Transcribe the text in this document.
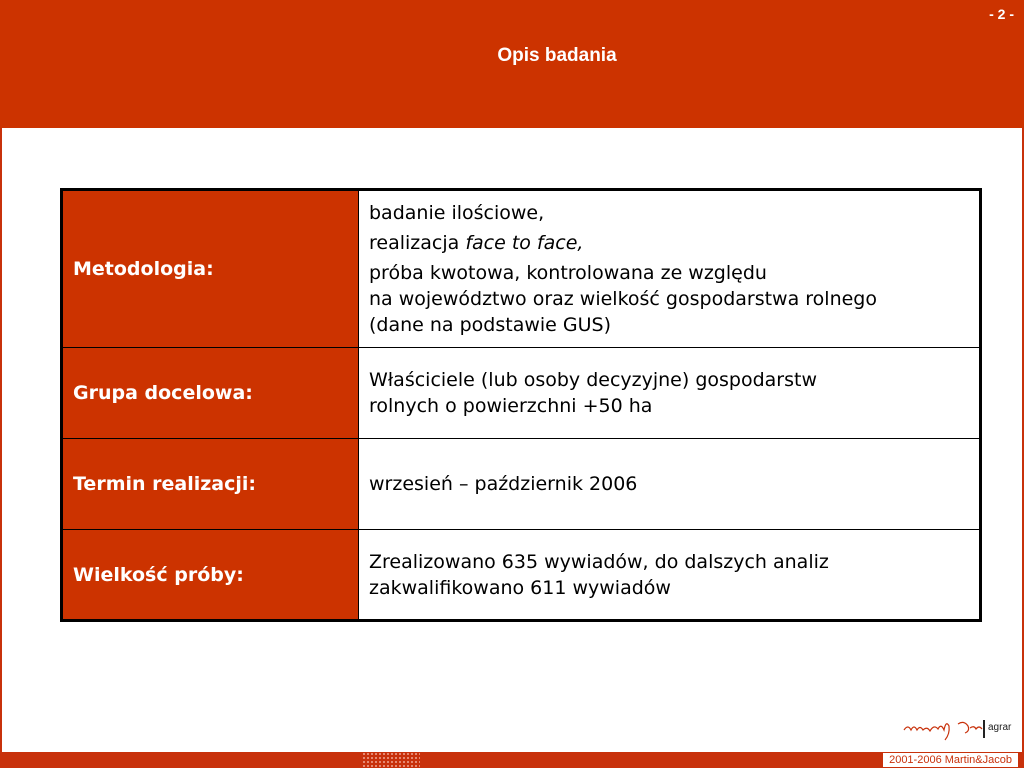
- 2 -
Opis badania
Metodologia:	badanie ilościowe,

realizacja face to face,

próba kwotowa, kontrolowana ze względu

na województwo oraz wielkość gospodarstwa rolnego

(dane na podstawie GUS)

Grupa docelowa:	Właściciele (lub osoby decyzyjne) gospodarstw rolnych o powierzchni +50 ha
Termin realizacji:	wrzesień – październik 2006
Wielkość próby:	Zrealizowano 635 wywiadów, do dalszych analiz zakwalifikowano 611 wywiadów
agrar
2001-2006 Martin&Jacob
